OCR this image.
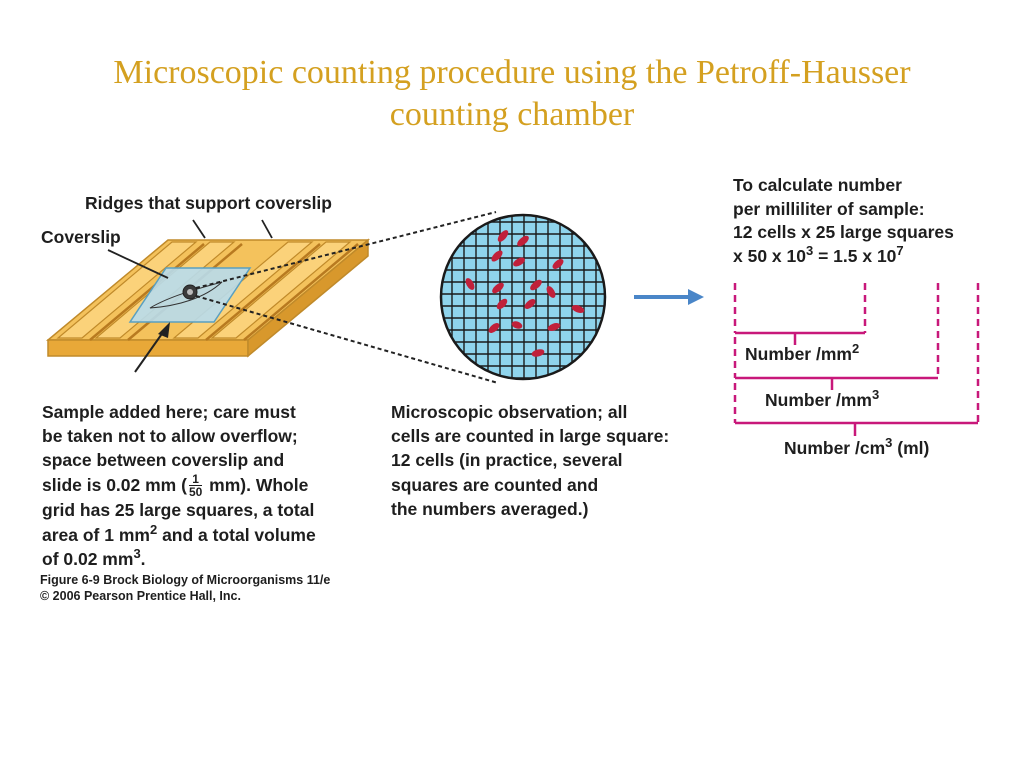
Microscopic counting procedure using the Petroff-Hausser
counting chamber
Ridges that support coverslip
Coverslip
Sample added here; care must
be taken not to allow overflow;
space between coverslip and
slide is 0.02 mm ( $\frac{1}{50} mm$). Whole
grid has 25 large squares, a total
area of 1 $mm^2$ and a total volume
of 0.02 $mm^3$.
Microscopic observation; all
cells are counted in large square:
12 cells (in practice, several
squares are counted and
the numbers averaged.)
To calculate number
per milliliter of sample:
12 cells x 25 large squares
x 50 x $10^3 = 1.5$ x $10^7$
Number $/mm^2$
Number $/mm^3$
Number $/cm^3$ (ml)
Figure 6-9 Brock Biology of Microorganisms 11/e
© 2006 Pearson Prentice Hall, Inc.
